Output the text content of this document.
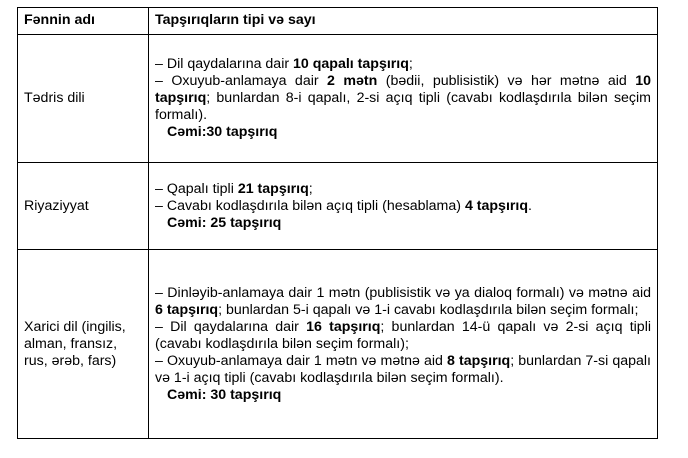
Fənnin adı	Tapşırıqların tipi və sayı
Tədris dili	– Dil qaydalarına dair 10 qapalı tapşırıq;
– Oxuyub-anlamaya dair 2 mətn (bədii, publisistik) və hər mətnə aid 10 tapşırıq; bunlardan 8-i qapalı, 2-si açıq tipli (cavabı kodlaşdırıla bilən seçim formalı).
Cəmi:30 tapşırıq

Riyaziyyat	– Qapalı tipli 21 tapşırıq;
– Cavabı kodlaşdırıla bilən açıq tipli (hesablama) 4 tapşırıq.
Cəmi: 25 tapşırıq

Xarici dil (ingilis, alman, fransız, rus, ərəb, fars)	– Dinləyib-anlamaya dair 1 mətn (publisistik və ya dialoq formalı) və mətnə aid 6 tapşırıq; bunlardan 5-i qapalı və 1-i cavabı kodlaşdırıla bilən seçim formalı;
– Dil qaydalarına dair 16 tapşırıq; bunlardan 14-ü qapalı və 2-si açıq tipli (cavabı kodlaşdırıla bilən seçim formalı);
– Oxuyub-anlamaya dair 1 mətn və mətnə aid 8 tapşırıq; bunlardan 7-si qapalı və 1-i açıq tipli (cavabı kodlaşdırıla bilən seçim formalı).
Cəmi: 30 tapşırıq
